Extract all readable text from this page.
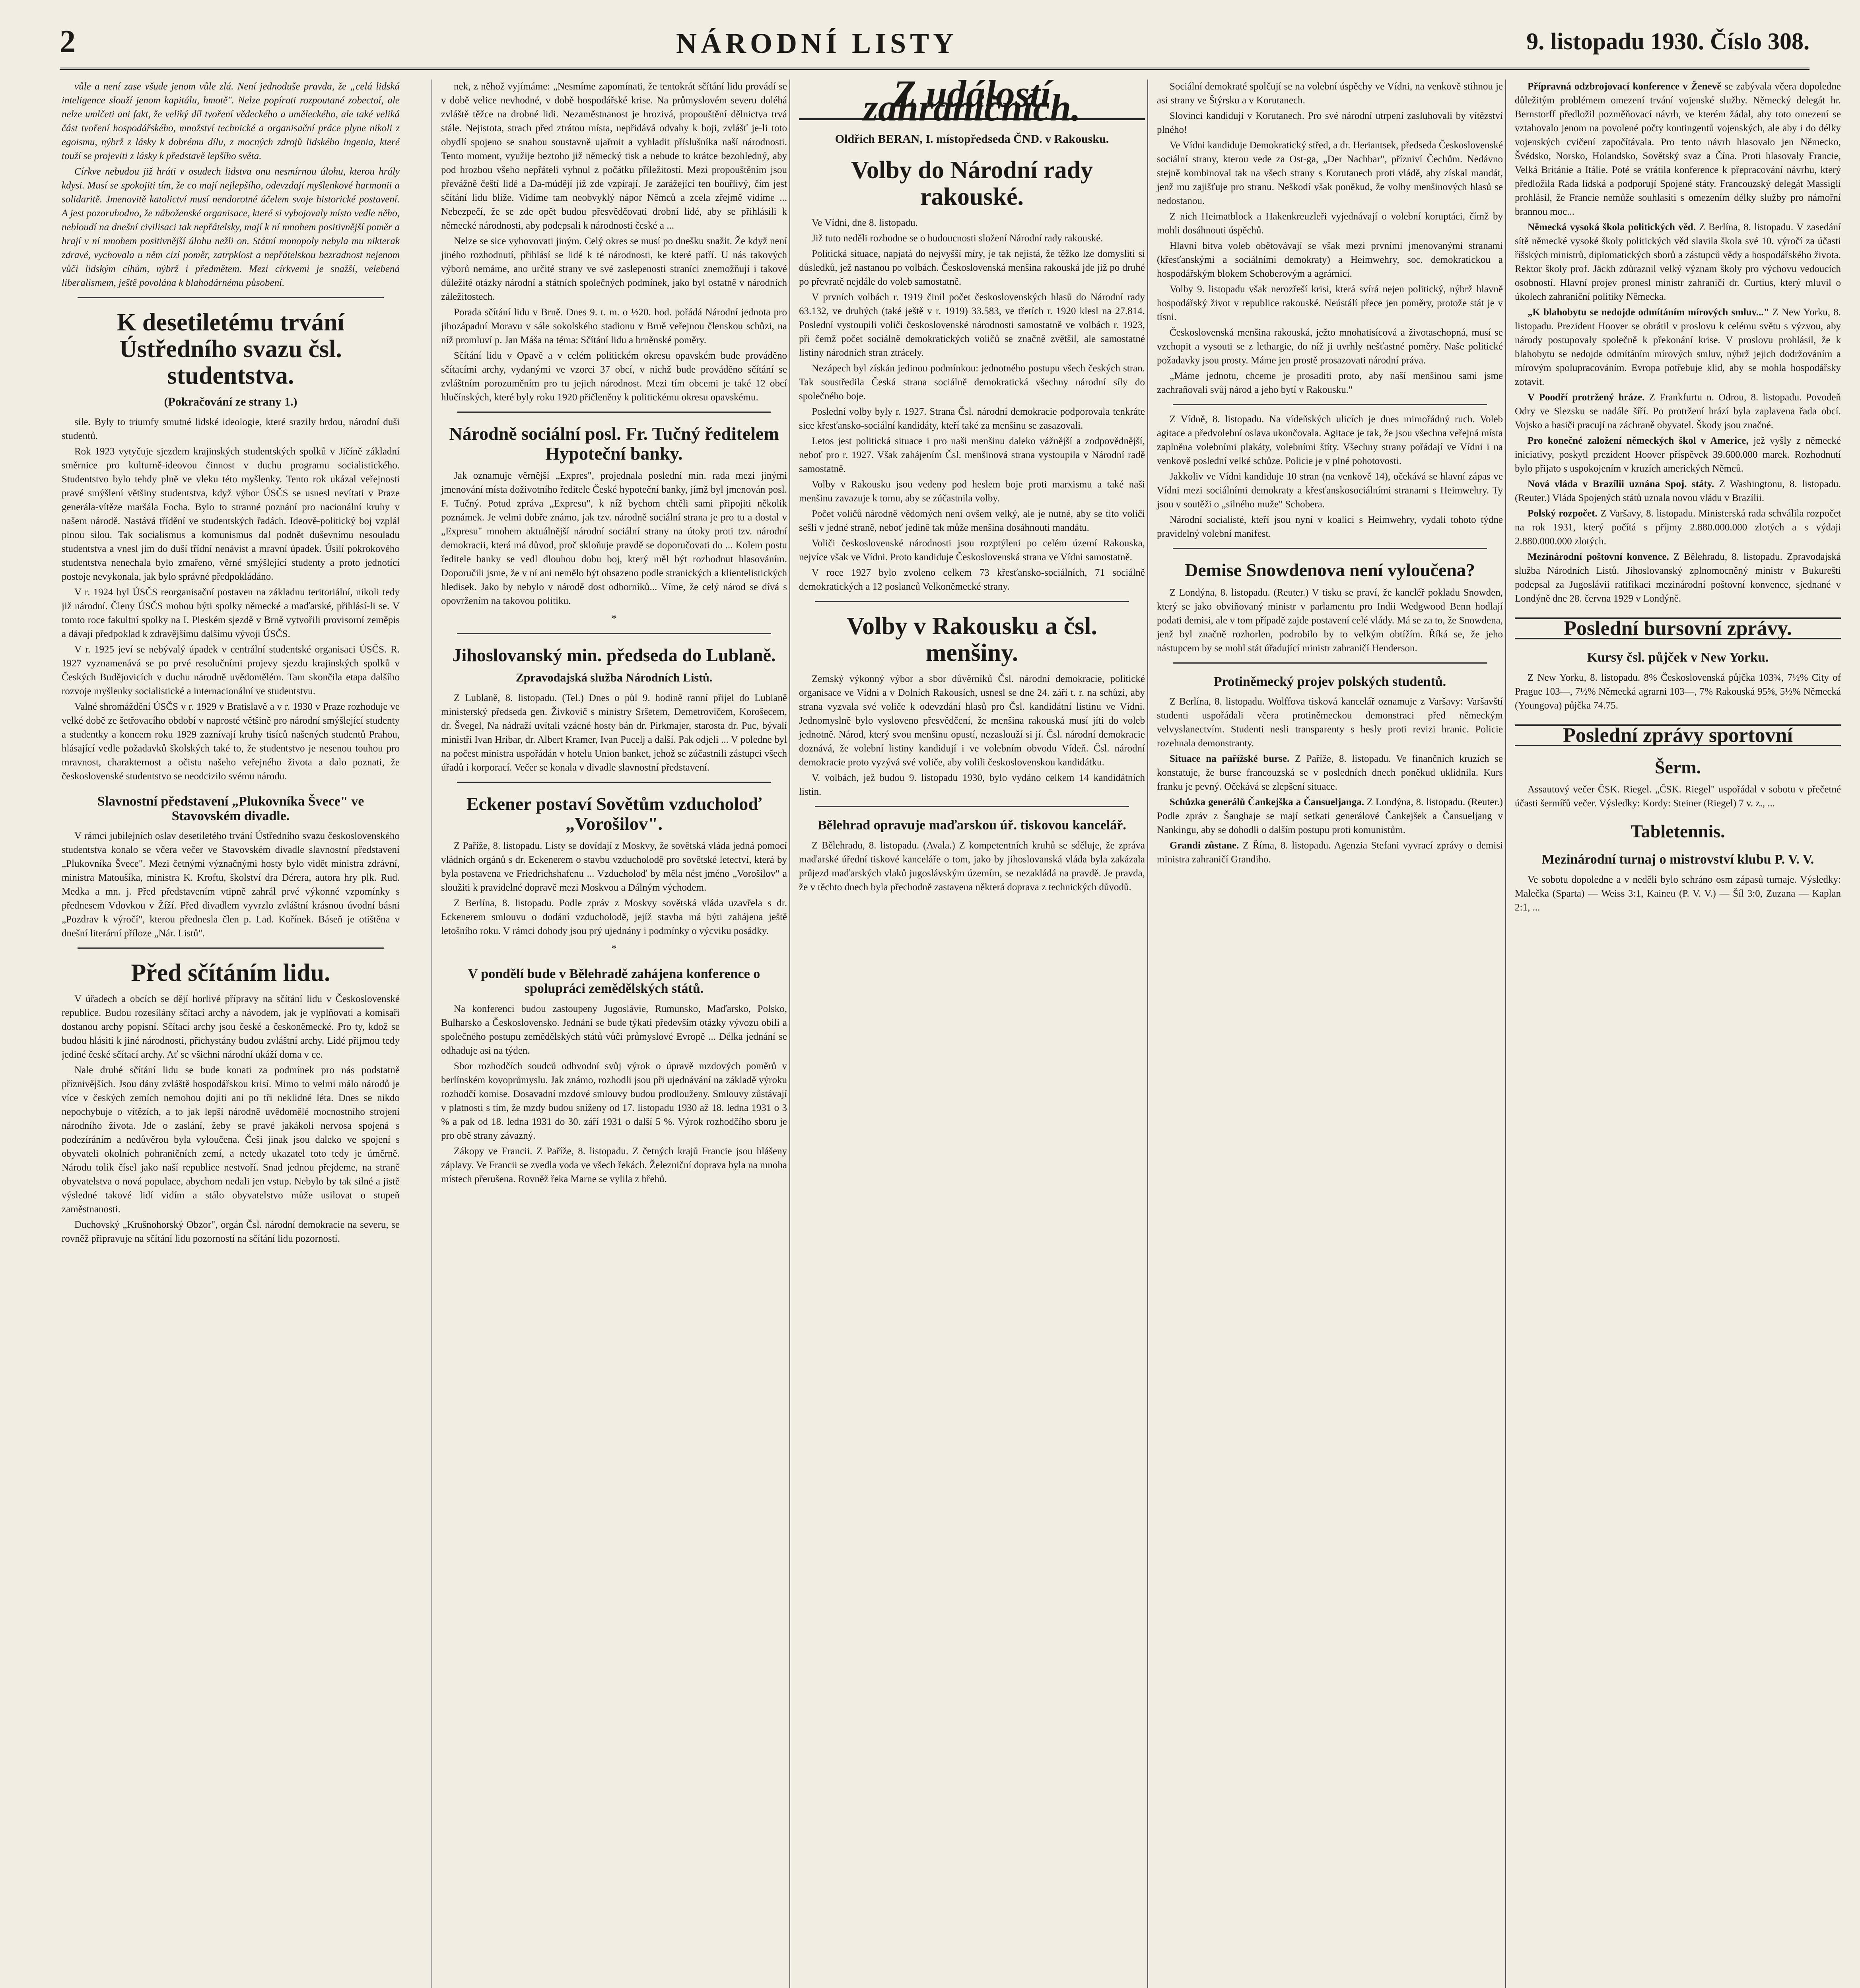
2	NÁRODNÍ LISTY	9. listopadu 1930. Číslo 308.

vůle a není zase všude jenom vůle zlá. Není jednoduše pravda, že „celá lidská inteligence slouží jenom kapitálu, hmotě". Nelze popírati rozpoutané zobectoí, ale nelze umlčeti ani fakt, že veliký díl tvoření vědeckého a uměleckého, ale také veliká část tvoření hospodářského, množství technické a organisační práce plyne nikoli z egoismu, nýbrž z lásky k dobrému dílu, z mocných zdrojů lidského ingenia, které touží se projeviti z lásky k představě lepšího světa.

Církve nebudou již hráti v osudech lidstva onu nesmírnou úlohu, kterou hrály kdysi. Musí se spokojiti tím, že co mají nejlepšího, odevzdají myšlenkové harmonii a solidaritě. Jmenovitě katolictví musí nendorotné účelem svoje historické postavení. A jest pozoruhodno, že náboženské organisace, které si vybojovaly místo vedle něho, nebloudí na dnešní civilisaci tak nepřátelsky, mají k ní mnohem positivnější poměr a hrají v ní mnohem positivnější úlohu nežli on. Státní monopoly nebyla mu nikterak zdravé, vychovala u něm cizí poměr, zatrpklost a nepřátelskou bezradnost nejenom vůči lidským cíhům, nýbrž i předmětem. Mezi církvemi je snažší, velebená liberalismem, ještě povolána k blahodárnému působení.

K desetiletému trvání Ústředního svazu čsl. studentstva.
(Pokračování ze strany 1.)

sile. Byly to triumfy smutné lidské ideologie, které srazily hrdou, národní duši studentů.

Rok 1923 vytyčuje sjezdem krajinských studentských spolků v Jičíně základní směrnice pro kulturně-ideovou činnost v duchu programu socialistického. Studentstvo bylo tehdy plně ve vleku této myšlenky. Tento rok ukázal veřejnosti pravé smýšlení většiny studentstva, když výbor ÚSČS se usnesl nevítati v Praze generála-vítěze maršála Focha. Bylo to stranné poznání pro nacionální kruhy v našem národě. Nastává třídění ve studentských řadách. Ideově-politický boj vzplál plnou silou. Tak socialismus a komunismus dal podnět duševnímu nesouladu studentstva a vnesl jim do duší třídní nenávist a mravní úpadek. Úsilí pokrokového studentstva nenechala bylo zmařeno, věrné smýšlející studenty a proto jednotící postoje nevykonala, jak bylo správné předpokládáno.

V r. 1924 byl ÚSČS reorganisační postaven na základnu teritoriální, nikoli tedy již národní. Členy ÚSČS mohou býti spolky německé a maďarské, přihlásí-li se. V tomto roce fakultní spolky na I. Pleském sjezdě v Brně vytvořili provisorní zeměpis a dávají předpoklad k zdravějšímu dalšímu vývoji ÚSČS.

V r. 1925 jeví se nebývalý úpadek v centrální studentské organisaci ÚSČS. R. 1927 vyznamenává se po prvé resolučními projevy sjezdu krajinských spolků v Českých Budějovicích v duchu národně uvědomělém. Tam skončila etapa dalšího rozvoje myšlenky socialistické a internacionální ve studentstvu.

Valné shromáždění ÚSČS v r. 1929 v Bratislavě a v r. 1930 v Praze rozhoduje ve velké době ze šetřovacího období v naprosté většině pro národní smýšlející studenty a studentky a koncem roku 1929 zaznívají kruhy tisíců našených studentů Prahou, hlásající vedle požadavků školských také to, že studentstvo je nesenou touhou pro mravnost, charakternost a očistu našeho veřejného života a dalo poznati, že československé studentstvo se neodcizilo svému národu.

Slavnostní představení „Plukovníka Švece" ve Stavovském divadle.

V rámci jubilejních oslav desetiletého trvání Ústředního svazu československého studentstva konalo se včera večer ve Stavovském divadle slavnostní představení „Plukovníka Švece". Mezi četnými význačnými hosty bylo vidět ministra zdrávní, ministra Matoušíka, ministra K. Kroftu, školství dra Dérera, autora hry plk. Rud. Medka a mn. j. Před představením vtipně zahrál prvé výkonné vzpomínky s přednesem Vdovkou v Žíží. Před divadlem vyvrzlo zvláštní krásnou úvodní básni „Pozdrav k výročí", kterou přednesla člen p. Lad. Kořínek. Báseň je otištěna v dnešní literární příloze „Nár. Listů".

Před sčítáním lidu.

V úřadech a obcích se dějí horlivé přípravy na sčítání lidu v Československé republice. Budou rozesílány sčítací archy a návodem, jak je vyplňovati a komisaři dostanou archy popisní. Sčítací archy jsou české a českoněmecké. Pro ty, kdož se budou hlásiti k jiné národnosti, přichystány budou zvláštní archy. Lidé přijmou tedy jediné české sčítací archy. Ať se všichni národní ukáží doma v ce.

Nale druhé sčítání lidu se bude konati za podmínek pro nás podstatně příznivějších. Jsou dány zvláště hospodářskou krisí. Mimo to velmi málo národů je více v českých zemích nemohou dojiti ani po tři neklidné léta. Dnes se nikdo nepochybuje o vítězích, a to jak lepší národně uvědomělé mocnostního strojení národního života. Jde o zaslání, žeby se pravé jakákoli nervosa spojená s podezíráním a nedůvěrou byla vyloučena. Češi jinak jsou daleko ve spojení s obyvateli okolních pohraničních zemí, a netedy ukazatel toto tedy je úměrně. Národu tolik čísel jako naší republice nestvoří. Snad jednou přejdeme, na straně obyvatelstva o nová populace, abychom nedali jen vstup. Nebylo by tak silné a jistě výsledné takové lidí vidím a stálo obyvatelstvo může usilovat o stupeň zaměstnanosti.

Duchovský „Krušnohorský Obzor", orgán Čsl. národní demokracie na severu, se rovněž připravuje na sčítání lidu pozorností na sčítání lidu pozorností.

nek, z něhož vyjímáme: „Nesmíme zapomínati, že tentokrát sčítání lidu provádí se v době velice nevhodné, v době hospodářské krise. Na průmyslovém severu doléhá zvláště těžce na drobné lidi. Nezaměstnanost je hrozivá, propouštění dělnictva trvá stále. Nejistota, strach před ztrátou místa, nepřidává odvahy k boji, zvlášť je-li toto obydlí spojeno se snahou soustavně ujařmit a vyhladit příslušníka naší národnosti. Tento moment, využije beztoho již německý tisk a nebude to krátce bezohledný, aby pod hrozbou všeho nepřáteli vyhnul z počátku příležitostí. Mezi propouštěním jsou převážně čeští lidé a Da-múdějí již zde vzpírají. Je zarážející ten bouřlivý, čím jest sčítání lidu blíže. Vidíme tam neobvyklý nápor Němců a zcela zřejmě vidíme ... Nebezpečí, že se zde opět budou přesvědčovati drobní lidé, aby se přihlásili k německé národnosti, aby podepsali k národnosti české a ...

Nelze se sice vyhovovati jiným. Celý okres se musí po dnešku snažit. Že když není jiného rozhodnutí, přihlásí se lidé k té národnosti, ke které patří. U nás takových výborů nemáme, ano určité strany ve své zaslepenosti straníci znemožňují i takové důležité otázky národní a státních společných podmínek, jako byl ostatně v národních záležitostech.

Porada sčítání lidu v Brně. Dnes 9. t. m. o ½20. hod. pořádá Národní jednota pro jihozápadní Moravu v sále sokolského stadionu v Brně veřejnou členskou schůzi, na níž promluví p. Jan Máša na téma: Sčítání lidu a brněnské poměry.

Sčítání lidu v Opavě a v celém politickém okresu opavském bude prováděno sčítacími archy, vydanými ve vzorci 37 obcí, v nichž bude prováděno sčítání se zvláštním porozuměním pro tu jejich národnost. Mezi tím obcemi je také 12 obcí hlučínských, které byly roku 1920 přičleněny k politickému okresu opavskému.

Národně sociální posl. Fr. Tučný ředitelem Hypoteční banky.

Jak oznamuje věrnější „Expres", projednala poslední min. rada mezi jinými jmenování místa doživotního ředitele České hypoteční banky, jímž byl jmenován posl. F. Tučný. Potud zpráva „Expresu", k níž bychom chtěli sami připojiti několik poznámek. Je velmi dobře známo, jak tzv. národně sociální strana je pro tu a dostal v „Expresu" mnohem aktuálnější národní sociální strany na útoky proti tzv. národní demokracii, která má důvod, proč skloňuje pravdě se doporučovati do ... Kolem postu ředitele banky se vedl dlouhou dobu boj, který měl být rozhodnut hlasováním. Doporučili jsme, že v ní ani nemělo být obsazeno podle stranických a klientelistických hledisek. Jako by nebylo v národě dost odborníků... Víme, že celý národ se dívá s opovržením na takovou politiku.

*
Jihoslovanský min. předseda do Lublaně.
Zpravodajská služba Národních Listů.

Z Lublaně, 8. listopadu. (Tel.) Dnes o půl 9. hodině ranní přijel do Lublaně ministerský předseda gen. Živkovič s ministry Sršetem, Demetrovičem, Korošecem, dr. Švegel, Na nádraží uvítali vzácné hosty bán dr. Pirkmajer, starosta dr. Puc, bývalí ministři Ivan Hribar, dr. Albert Kramer, Ivan Pucelj a další. Pak odjeli ... V poledne byl na počest ministra uspořádán v hotelu Union banket, jehož se zúčastnili zástupci všech úřadů i korporací. Večer se konala v divadle slavnostní představení.

Eckener postaví Sovětům vzducholoď „Vorošilov".

Z Paříže, 8. listopadu. Listy se dovídají z Moskvy, že sovětská vláda jedná pomocí vládních orgánů s dr. Eckenerem o stavbu vzducholodě pro sovětské letectví, která by byla postavena ve Friedrichshafenu ... Vzducholoď by měla nést jméno „Vorošilov" a sloužiti k pravidelné dopravě mezi Moskvou a Dálným východem.

Z Berlína, 8. listopadu. Podle zpráv z Moskvy sovětská vláda uzavřela s dr. Eckenerem smlouvu o dodání vzducholodě, jejíž stavba má býti zahájena ještě letošního roku. V rámci dohody jsou prý ujednány i podmínky o výcviku posádky.

*
V pondělí bude v Bělehradě zahájena konference o spolupráci zemědělských států.

Na konferenci budou zastoupeny Jugoslávie, Rumunsko, Maďarsko, Polsko, Bulharsko a Československo. Jednání se bude týkati především otázky vývozu obilí a společného postupu zemědělských států vůči průmyslové Evropě ... Délka jednání se odhaduje asi na týden.

Sbor rozhodčích soudců odbvodní svůj výrok o úpravě mzdových poměrů v berlínském kovoprůmyslu. Jak známo, rozhodli jsou při ujednávání na základě výroku rozhodčí komise. Dosavadní mzdové smlouvy budou prodlouženy. Smlouvy zůstávají v platnosti s tím, že mzdy budou sníženy od 17. listopadu 1930 až 18. ledna 1931 o 3 % a pak od 18. ledna 1931 do 30. září 1931 o další 5 %. Výrok rozhodčího sboru je pro obě strany závazný.

Zákopy ve Francii. Z Paříže, 8. listopadu. Z četných krajů Francie jsou hlášeny záplavy. Ve Francii se zvedla voda ve všech řekách. Železniční doprava byla na mnoha místech přerušena. Rovněž řeka Marne se vylila z břehů.

Z událostí zahraničních.
Oldřich BERAN, I. místopředseda ČND. v Rakousku.
Volby do Národní rady rakouské.

Ve Vídni, dne 8. listopadu.

Již tuto neděli rozhodne se o budoucnosti složení Národní rady rakouské.

Politická situace, napjatá do nejvyšší míry, je tak nejistá, že těžko lze domysliti si důsledků, jež nastanou po volbách. Československá menšina rakouská jde již po druhé po převratě nejdále do voleb samostatně.

V prvních volbách r. 1919 činil počet československých hlasů do Národní rady 63.132, ve druhých (také ještě v r. 1919) 33.583, ve třetích r. 1920 klesl na 27.814. Poslední vystoupili voliči československé národnosti samostatně ve volbách r. 1923, při čemž počet sociálně demokratických voličů se značně zvětšil, ale samostatné listiny národních stran ztrácely.

Nezápech byl získán jedinou podmínkou: jednotného postupu všech českých stran. Tak soustředila Česká strana sociálně demokratická všechny národní síly do společného boje.

Poslední volby byly r. 1927. Strana Čsl. národní demokracie podporovala tenkráte sice křesťansko-sociální kandidáty, kteří také za menšinu se zasazovali.

Letos jest politická situace i pro naši menšinu daleko vážnější a zodpovědnější, neboť pro r. 1927. Však zahájením Čsl. menšinová strana vystoupila v Národní radě samostatně.

Volby v Rakousku jsou vedeny pod heslem boje proti marxismu a také naši menšinu zavazuje k tomu, aby se zúčastnila volby.

Počet voličů národně vědomých není ovšem velký, ale je nutné, aby se tito voliči sešli v jedné straně, neboť jedině tak může menšina dosáhnouti mandátu.

Voliči československé národnosti jsou rozptýleni po celém území Rakouska, nejvíce však ve Vídni. Proto kandiduje Československá strana ve Vídni samostatně.

V roce 1927 bylo zvoleno celkem 73 křesťansko-sociálních, 71 sociálně demokratických a 12 poslanců Velkoněmecké strany.

Volby v Rakousku a čsl. menšiny.

Zemský výkonný výbor a sbor důvěrníků Čsl. národní demokracie, politické organisace ve Vídni a v Dolních Rakousích, usnesl se dne 24. září t. r. na schůzi, aby strana vyzvala své voliče k odevzdání hlasů pro Čsl. kandidátní listinu ve Vídni. Jednomyslně bylo vysloveno přesvědčení, že menšina rakouská musí jíti do voleb jednotně. Národ, který svou menšinu opustí, nezaslouží si jí. Čsl. národní demokracie doznává, že volební listiny kandidují i ve volebním obvodu Vídeň. Čsl. národní demokracie proto vyzývá své voliče, aby volili československou kandidátku.

V. volbách, jež budou 9. listopadu 1930, bylo vydáno celkem 14 kandidátních listin.

Bělehrad opravuje maďarskou úř. tiskovou kancelář.

Z Bělehradu, 8. listopadu. (Avala.) Z kompetentních kruhů se sděluje, že zpráva maďarské úřední tiskové kanceláře o tom, jako by jihoslovanská vláda byla zakázala průjezd maďarských vlaků jugoslávským územím, se nezakládá na pravdě. Je pravda, že v těchto dnech byla přechodně zastavena některá doprava z technických důvodů.

Sociální demokraté spolčují se na volební úspěchy ve Vídni, na venkově stihnou je asi strany ve Štýrsku a v Korutanech.

Slovinci kandidují v Korutanech. Pro své národní utrpení zasluhovali by vítězství plného!

Ve Vídni kandiduje Demokratický střed, a dr. Heriantsek, předseda Československé sociální strany, kterou vede za Ost-ga, „Der Nachbar", přízniví Čechům. Nedávno stejně kombinoval tak na všech strany s Korutanech proti vládě, aby získal mandát, jenž mu zajišťuje pro stranu. Neškodí však poněkud, že volby menšinových hlasů se nedostanou.

Z nich Heimatblock a Hakenkreuzleři vyjednávají o volební koruptáci, čímž by mohli dosáhnouti úspěchů.

Hlavní bitva voleb obětovávají se však mezi prvními jmenovanými stranami (křesťanskými a sociálními demokraty) a Heimwehry, soc. demokratickou a hospodářským blokem Schoberovým a agrárnicí.

Volby 9. listopadu však nerozřeší krisi, která svírá nejen politický, nýbrž hlavně hospodářský život v republice rakouské. Neústálí přece jen poměry, protože stát je v tísni.

Československá menšina rakouská, ježto mnohatisícová a životaschopná, musí se vzchopit a vysouti se z lethargie, do níž ji uvrhly nešťastné poměry. Naše politické požadavky jsou prosty. Máme jen prostě prosazovati národní práva.

„Máme jednotu, chceme je prosaditi proto, aby naší menšinou sami jsme zachraňovali svůj národ a jeho bytí v Rakousku."

Z Vídně, 8. listopadu. Na vídeňských ulicích je dnes mimořádný ruch. Voleb agitace a předvolební oslava ukončovala. Agitace je tak, že jsou všechna veřejná místa zaplněna volebními plakáty, volebními štíty. Všechny strany pořádají ve Vídni i na venkově poslední velké schůze. Policie je v plné pohotovosti.

Jakkoliv ve Vídni kandiduje 10 stran (na venkově 14), očekává se hlavní zápas ve Vídni mezi sociálními demokraty a křesťanskosociálními stranami s Heimwehry. Ty jsou v soutěži o „silného muže" Schobera.

Národní socialisté, kteří jsou nyní v koalici s Heimwehry, vydali tohoto týdne pravidelný volební manifest.

Demise Snowdenova není vyloučena?

Z Londýna, 8. listopadu. (Reuter.) V tisku se praví, že kancléř pokladu Snowden, který se jako obviňovaný ministr v parlamentu pro Indii Wedgwood Benn hodlají podati demisi, ale v tom případě zajde postavení celé vlády. Má se za to, že Snowdena, jenž byl značně rozhorlen, podrobilo by to velkým obtížím. Říká se, že jeho nástupcem by se mohl stát úřadující ministr zahraničí Henderson.

Protiněmecký projev polských studentů.

Z Berlína, 8. listopadu. Wolffova tisková kancelář oznamuje z Varšavy: Varšavští studenti uspořádali včera protiněmeckou demonstraci před německým velvyslanectvím. Studenti nesli transparenty s hesly proti revizi hranic. Policie rozehnala demonstranty.

Situace na pařížské burse. Z Paříže, 8. listopadu. Ve finančních kruzích se konstatuje, že burse francouzská se v posledních dnech poněkud uklidnila. Kurs franku je pevný. Očekává se zlepšení situace.

Schůzka generálů Čankejška a Čansueljanga. Z Londýna, 8. listopadu. (Reuter.) Podle zpráv z Šanghaje se mají setkati generálové Čankejšek a Čansueljang v Nankingu, aby se dohodli o dalším postupu proti komunistům.

Grandi zůstane. Z Říma, 8. listopadu. Agenzia Stefani vyvrací zprávy o demisi ministra zahraničí Grandiho.

Přípravná odzbrojovací konference v Ženevě se zabývala včera dopoledne důležitým problémem omezení trvání vojenské služby. Německý delegát hr. Bernstorff předložil pozměňovací návrh, ve kterém žádal, aby toto omezení se vztahovalo jenom na povolené počty kontingentů vojenských, ale aby i do délky vojenských cvičení započítávala. Pro tento návrh hlasovalo jen Německo, Švédsko, Norsko, Holandsko, Sovětský svaz a Čína. Proti hlasovaly Francie, Velká Británie a Itálie. Poté se vrátila konference k přepracování návrhu, který předložila Rada lidská a podporují Spojené státy. Francouzský delegát Massigli prohlásil, že Francie nemůže souhlasiti s omezením délky služby pro námořní brannou moc...

Německá vysoká škola politických věd. Z Berlína, 8. listopadu. V zasedání sítě německé vysoké školy politických věd slavila škola své 10. výročí za účasti říšských ministrů, diplomatických sborů a zástupců vědy a hospodářského života. Rektor školy prof. Jäckh zdůraznil velký význam školy pro výchovu vedoucích osobností. Hlavní projev pronesl ministr zahraničí dr. Curtius, který mluvil o úkolech zahraniční politiky Německa.

„K blahobytu se nedojde odmítáním mírových smluv..." Z New Yorku, 8. listopadu. Prezident Hoover se obrátil v proslovu k celému světu s výzvou, aby národy postupovaly společně k překonání krise. V proslovu prohlásil, že k blahobytu se nedojde odmítáním mírových smluv, nýbrž jejich dodržováním a mírovým spolupracováním. Evropa potřebuje klid, aby se mohla hospodářsky zotavit.

V Poodří protržený hráze. Z Frankfurtu n. Odrou, 8. listopadu. Povodeň Odry ve Slezsku se nadále šíří. Po protržení hrází byla zaplavena řada obcí. Vojsko a hasiči pracují na záchraně obyvatel. Škody jsou značné.

Pro konečné založení německých škol v Americe, jež vyšly z německé iniciativy, poskytl prezident Hoover příspěvek 39.600.000 marek. Rozhodnutí bylo přijato s uspokojením v kruzích amerických Němců.

Nová vláda v Brazílii uznána Spoj. státy. Z Washingtonu, 8. listopadu. (Reuter.) Vláda Spojených států uznala novou vládu v Brazílii.

Polský rozpočet. Z Varšavy, 8. listopadu. Ministerská rada schválila rozpočet na rok 1931, který počítá s příjmy 2.880.000.000 zlotých a s výdaji 2.880.000.000 zlotých.

Mezinárodní poštovní konvence. Z Bělehradu, 8. listopadu. Zpravodajská služba Národních Listů. Jihoslovanský zplnomocněný ministr v Bukurešti podepsal za Jugoslávii ratifikaci mezinárodní poštovní konvence, sjednané v Londýně dne 28. června 1929 v Londýně.

Poslední bursovní zprávy.
Kursy čsl. půjček v New Yorku.

Z New Yorku, 8. listopadu. 8% Československá půjčka 103¾, 7½% City of Prague 103—, 7½% Německá agrarni 103—, 7% Rakouská 95⅝, 5½% Německá (Youngova) půjčka 74.75.

Poslední zprávy sportovní
Šerm.

Assautový večer ČSK. Riegel. „ČSK. Riegel" uspořádal v sobotu v přečetné účasti šermířů večer. Výsledky: Kordy: Steiner (Riegel) 7 v. z., ...

Tabletennis.
Mezinárodní turnaj o mistrovství klubu P. V. V.

Ve sobotu dopoledne a v neděli bylo sehráno osm zápasů turnaje. Výsledky: Malečka (Sparta) — Weiss 3:1, Kaineu (P. V. V.) — Šíl 3:0, Zuzana — Kaplan 2:1, ...
